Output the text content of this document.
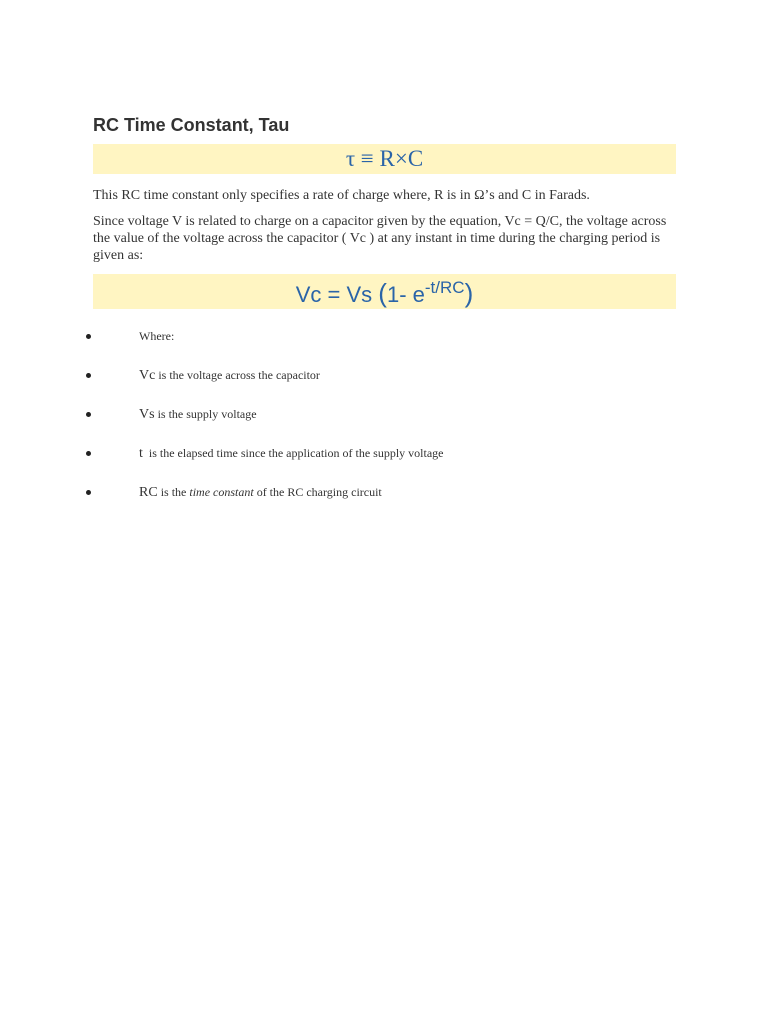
RC Time Constant, Tau
τ ≡ R×C

This RC time constant only specifies a rate of charge where, R is in Ω’s and C in Farads.

Since voltage V is related to charge on a capacitor given by the equation, Vc = Q/C, the voltage across the value of the voltage across the capacitor ( Vc ) at any instant in time during the charging period is given as:

Vc = Vs (1- $e^{-t/RC}$)
Where:
Vc is the voltage across the capacitor
Vs is the supply voltage
t  is the elapsed time since the application of the supply voltage
RC is the time constant of the RC charging circuit
